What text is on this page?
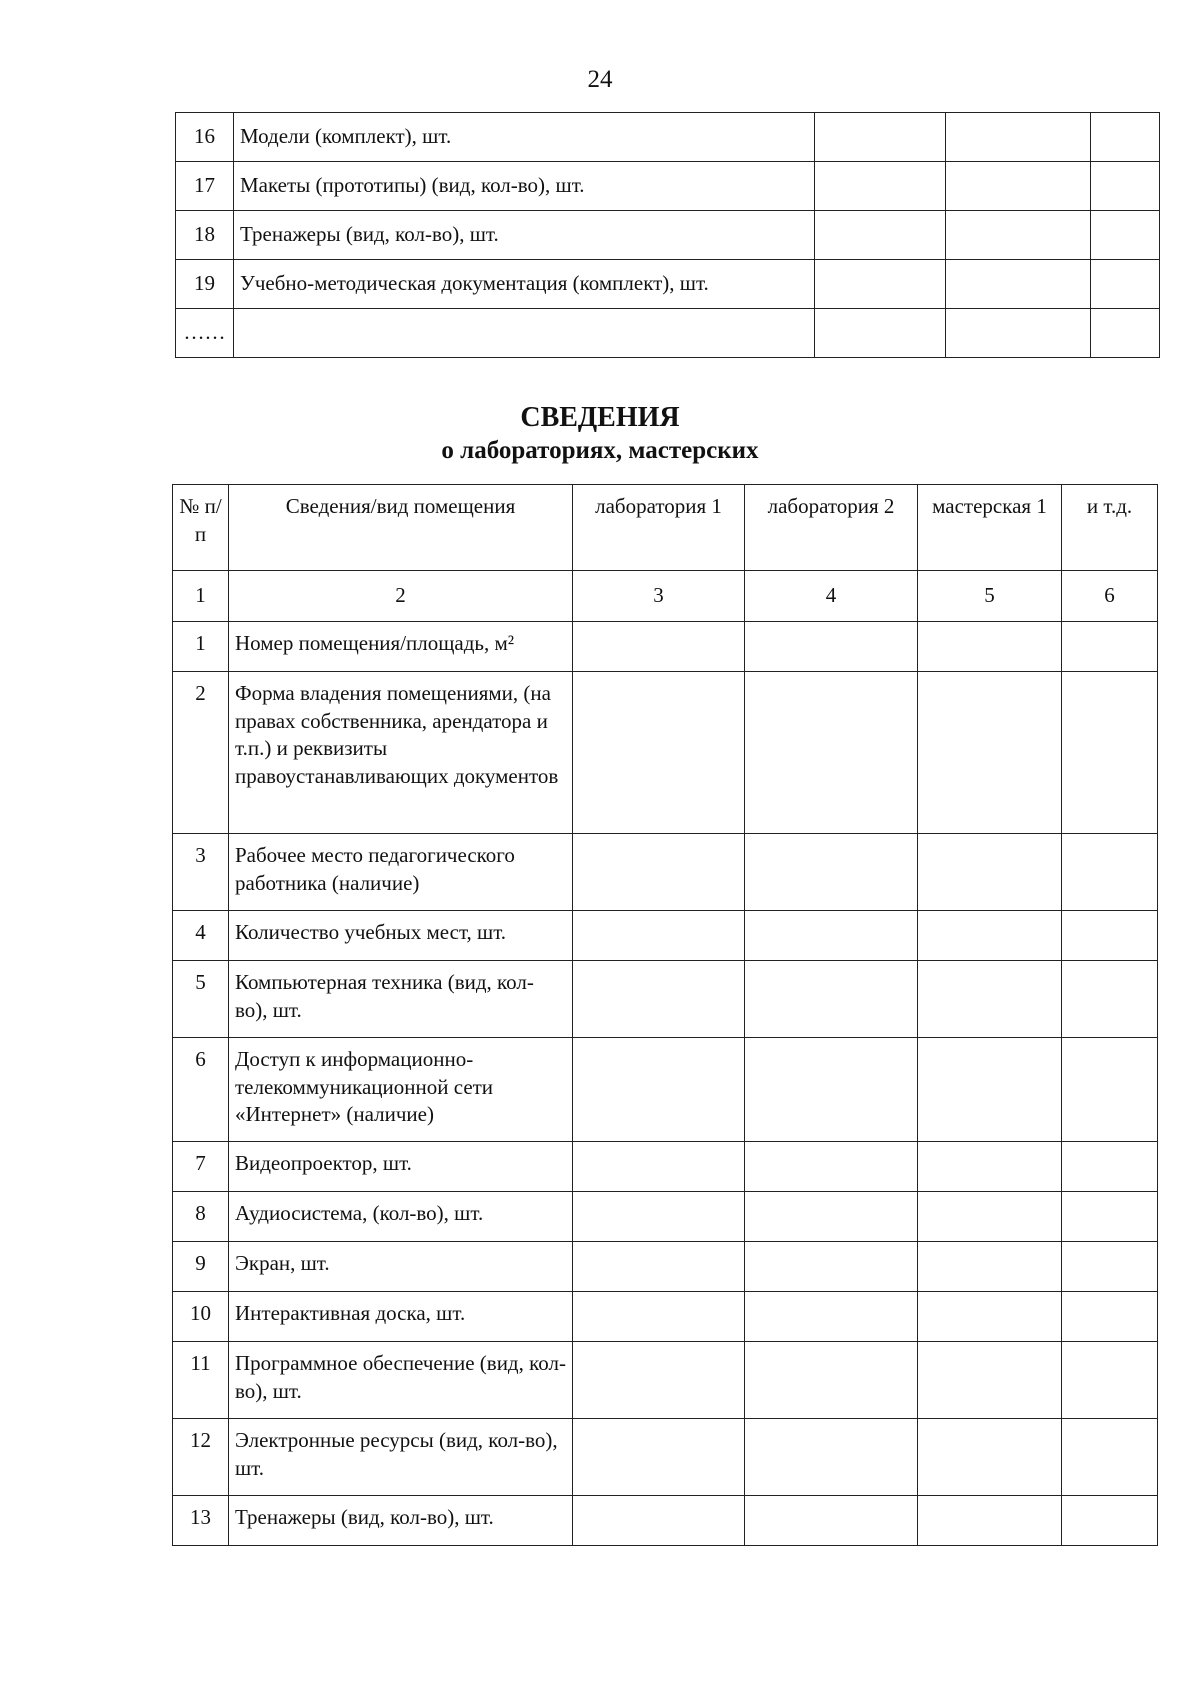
24
16	Модели (комплект), шт.			
17	Макеты (прототипы) (вид, кол-во), шт.			
18	Тренажеры (вид, кол-во), шт.			
19	Учебно-методическая документация (комплект), шт.			
……				
СВЕДЕНИЯ
о лабораториях, мастерских
№ п/п	Сведения/вид помещения	лаборатория 1	лаборатория 2	мастерская 1	и т.д.
1	2	3	4	5	6
1	Номер помещения/площадь, м²				
2	Форма владения помещениями, (на правах собственника, арендатора и т.п.) и реквизиты правоустанавливающих документов				
3	Рабочее место педагогического работника (наличие)				
4	Количество учебных мест, шт.				
5	Компьютерная техника (вид, кол-во), шт.				
6	Доступ к информационно-телекоммуникационной сети «Интернет» (наличие)				
7	Видеопроектор, шт.				
8	Аудиосистема, (кол-во), шт.				
9	Экран, шт.				
10	Интерактивная доска, шт.				
11	Программное обеспечение (вид, кол-во), шт.				
12	Электронные ресурсы (вид, кол-во), шт.				
13	Тренажеры (вид, кол-во), шт.				
